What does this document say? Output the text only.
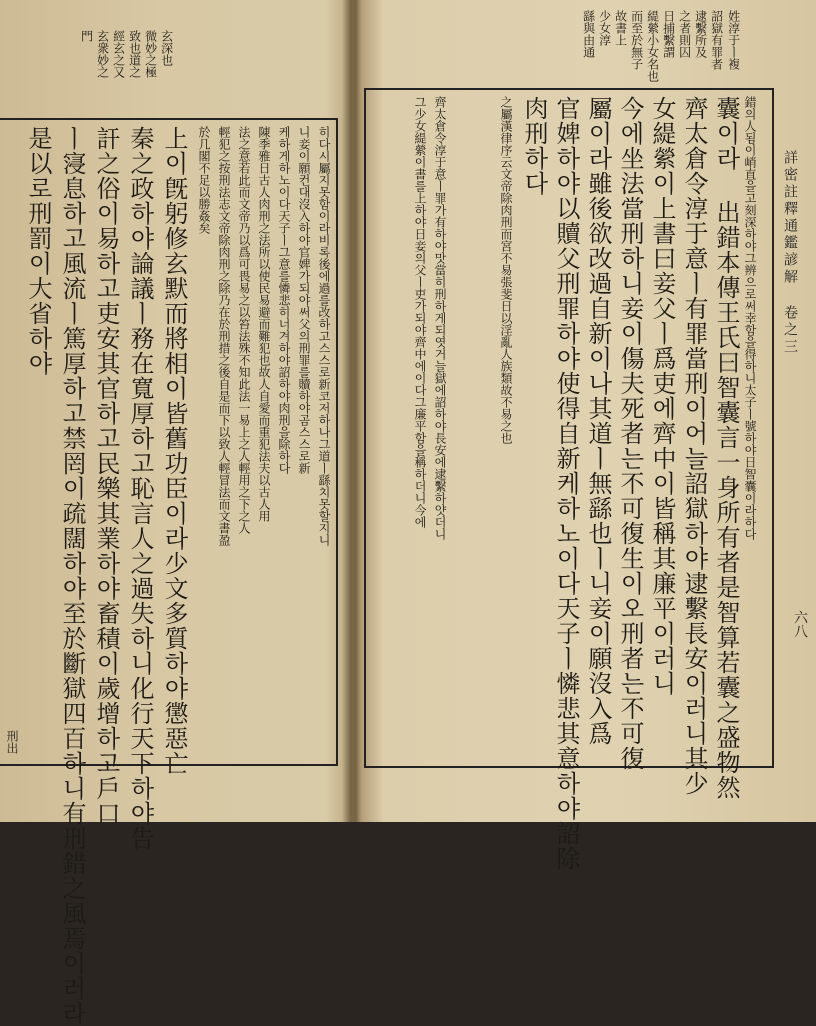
詳密註釋通鑑諺解 卷之三
六八
姓淳于ㅣ複
詔獄有罪者
逮繫所及
之者則囚
日捕繫謂
緹縈小女名也
而至於無子
故書上
少女淳
繇與由通
錯의人됨이峭直을고刻深하야그辨으로써幸함을得하니太子ㅣ號하야日智囊이라하다
囊이라 出錯本傳王氏曰智囊言一身所有者是智算若囊之盛物然
齊太倉令淳于意ㅣ有罪當刑이어늘詔獄하야逮繫長安이러니其少
女緹縈이上書曰妾父ㅣ爲吏에齊中이皆稱其廉平이러니
今에坐法當刑하니妾이傷夫死者는不可復生이오刑者는不可復
屬이라雖後欲改過自新이나其道ㅣ無繇也ㅣ니妾이願沒入爲
官婢하야以贖父刑罪하야使得自新케하노이다天子ㅣ憐悲其意하야詔除
肉刑하다
之屬漢律序云文帝除肉刑而宮不易張斐日以淫亂人族類故不易之也
齊太倉令淳于意ㅣ罪가有하야맛當히刑하게되엿거늘獄에詔하야長安에逮繫하얏더니
그少女緹縈이書를上하야日妾의父ㅣ吏가되야齊中에이다그廉平함을稱하더니今에
玄深也
微妙之極
致也道之
經玄之又
玄衆妙之
門
히다시屬지못함이라비록後에過를改하고스스로新코저하나그道ㅣ繇치못할지니
니妾이願컨대沒入하야官婢가되야써父의刑罪를贖하야곰스스로新
케하게하노이다天子ㅣ그意를憐悲히너겨하야詔하야肉刑을除하다
陳季雅日古人肉刑之法所以使民易避而難犯也故人自愛而重犯法夫以古人用
法之意若此而文帝乃以爲可畏易之以笞法殊不知此法一易上之人輕用之下之人
輕犯之按刑法志文帝除肉刑之除乃在於刑措之後自是而下以致人輕冒法而文書盈
於几閣不足以勝姦矣
上이旣躬修玄默而將相이皆舊功臣이라少文多質하야懲惡亡
秦之政하야論議ㅣ務在寬厚하고恥言人之過失하니化行天下하야告
訐之俗이易하고吏安其官하고民樂其業하야畜積이歲增하고戶口
ㅣ寖息하고風流ㅣ篤厚하고禁罔이疏闊하야至於斷獄四百하니有刑錯之風焉이러라
是以로刑罰이大省하야
刑出
